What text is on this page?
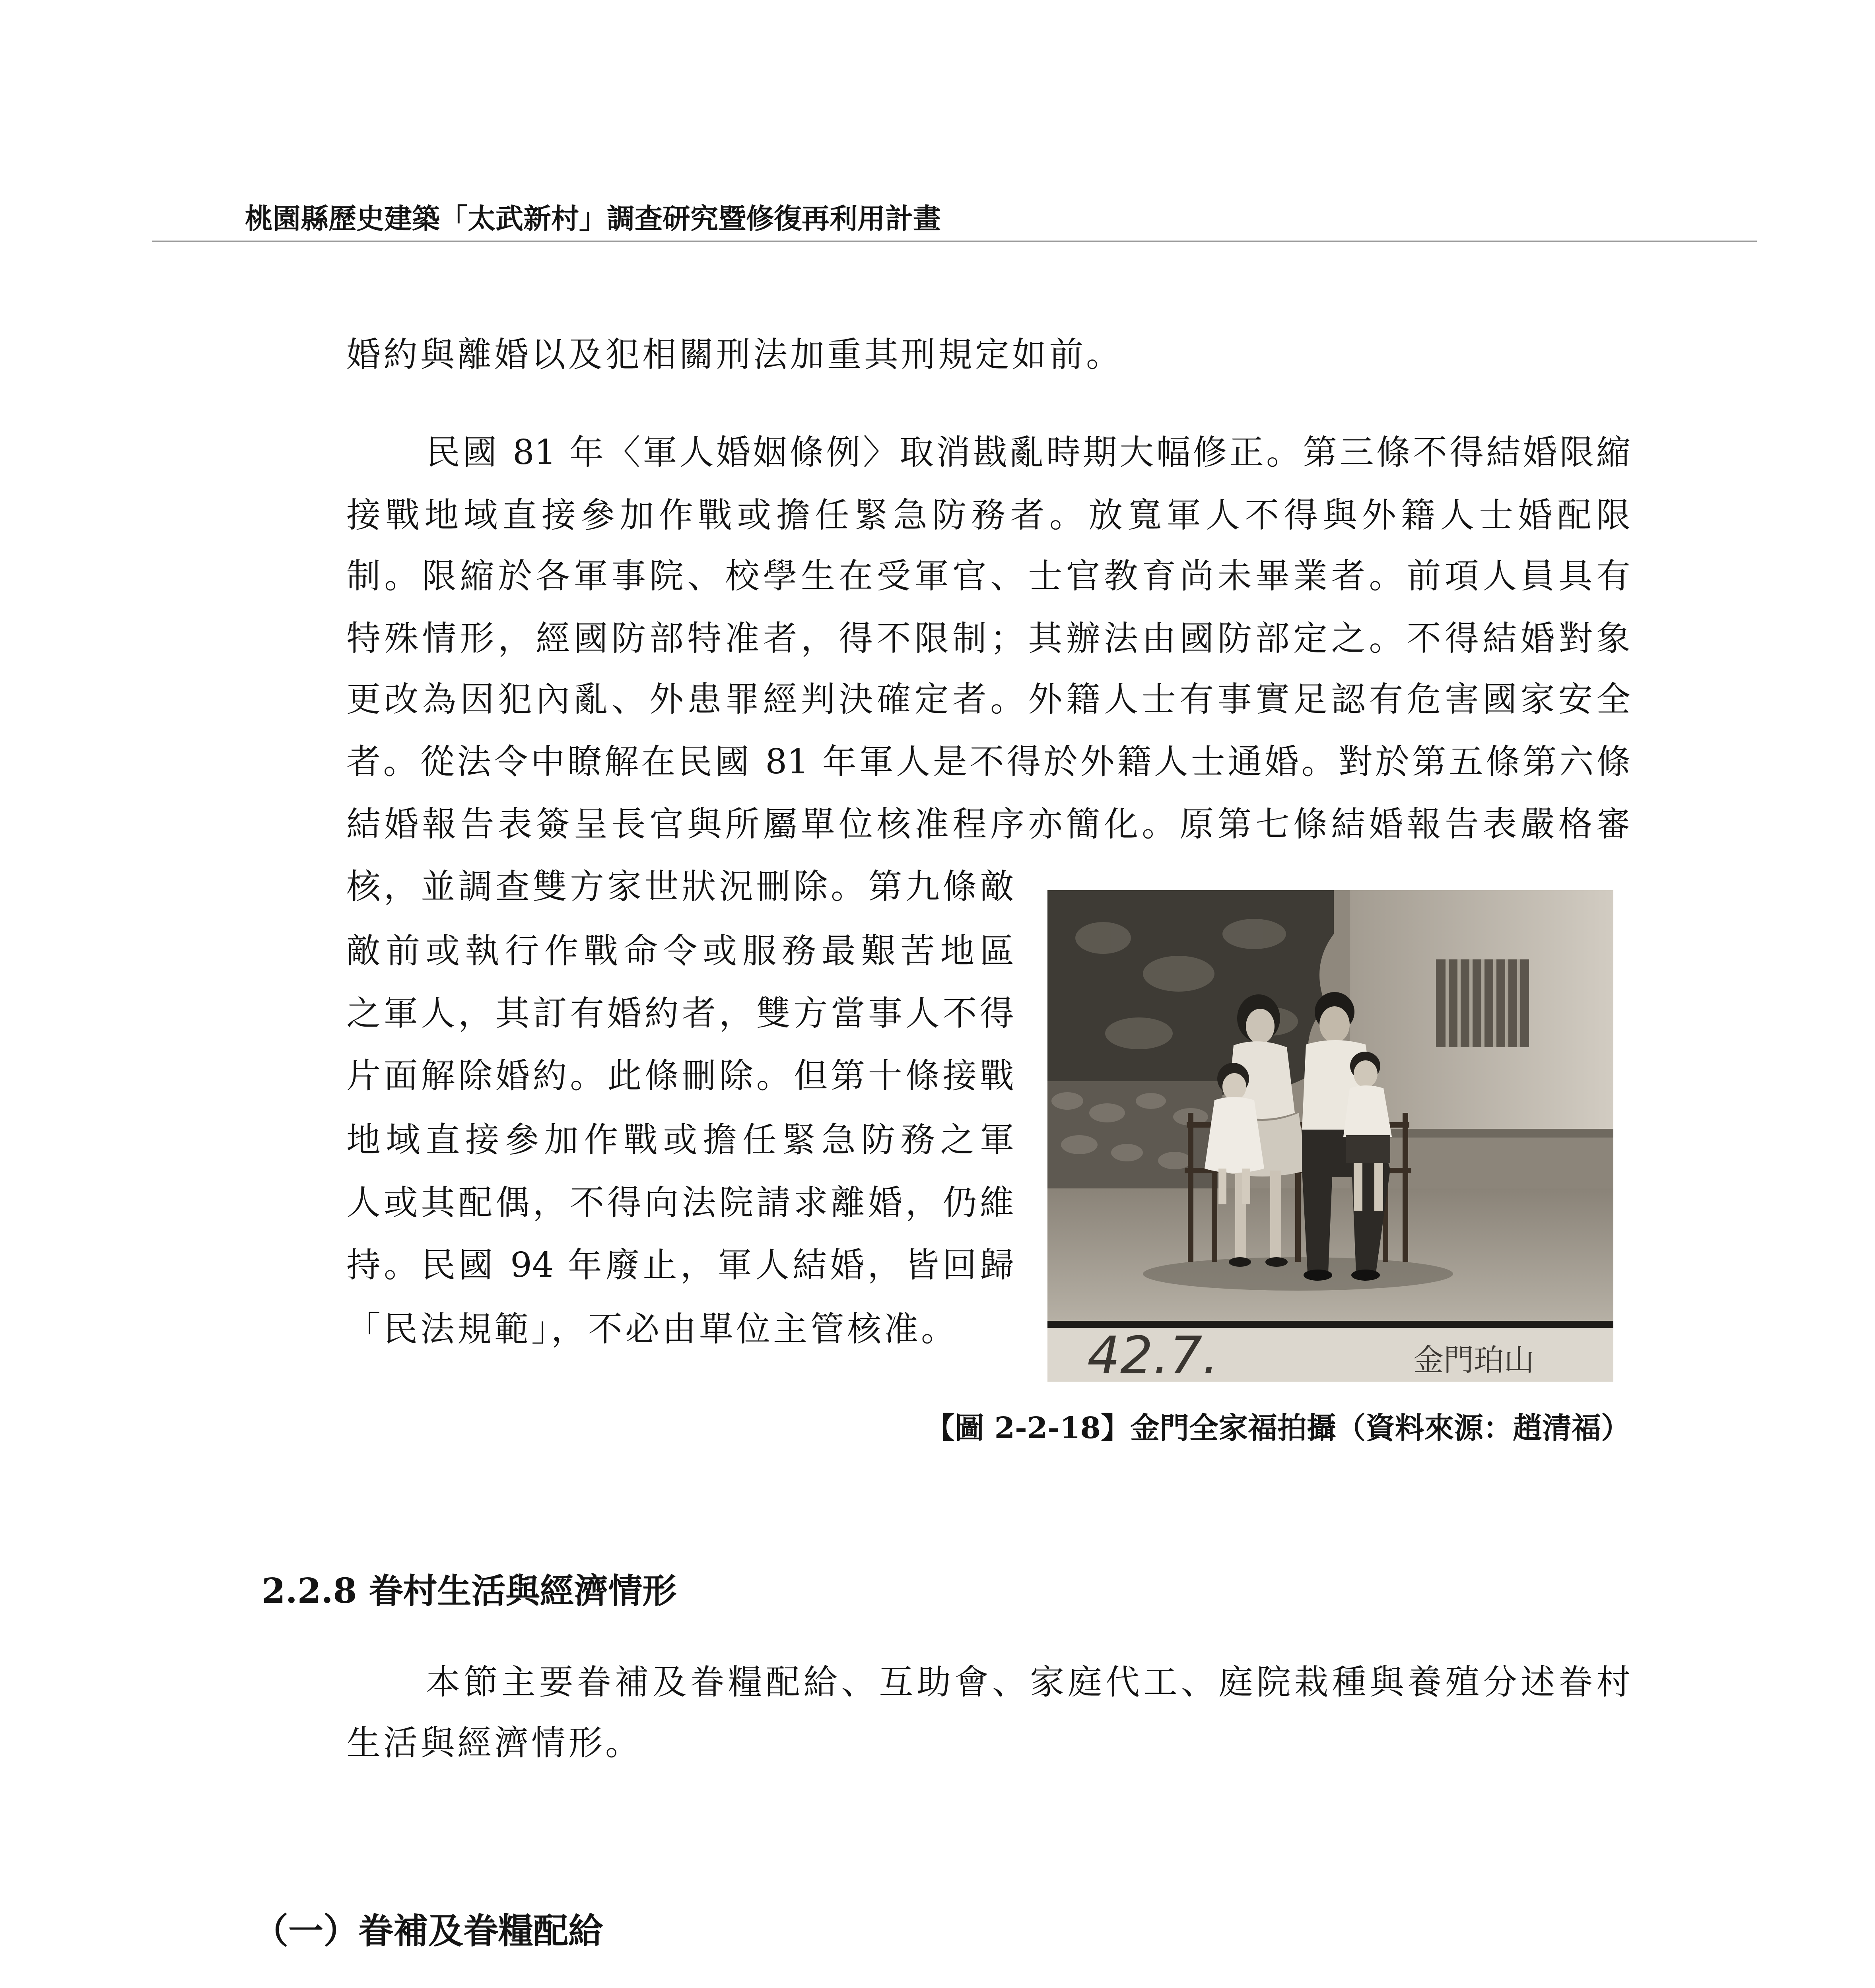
桃園縣歷史建築「太武新村」調查研究暨修復再利用計畫
婚約與離婚以及犯相關刑法加重其刑規定如前。
民國 81 年〈軍人婚姻條例〉取消戡亂時期大幅修正。第三條不得結婚限縮
接戰地域直接參加作戰或擔任緊急防務者。放寬軍人不得與外籍人士婚配限
制。限縮於各軍事院、校學生在受軍官、士官教育尚未畢業者。前項人員具有
特殊情形，經國防部特准者，得不限制；其辦法由國防部定之。不得結婚對象
更改為因犯內亂、外患罪經判決確定者。外籍人士有事實足認有危害國家安全
者。從法令中瞭解在民國 81 年軍人是不得於外籍人士通婚。對於第五條第六條
結婚報告表簽呈長官與所屬單位核准程序亦簡化。原第七條結婚報告表嚴格審
核，並調查雙方家世狀況刪除。第九條敵
敵前或執行作戰命令或服務最艱苦地區
之軍人，其訂有婚約者，雙方當事人不得
片面解除婚約。此條刪除。但第十條接戰
地域直接參加作戰或擔任緊急防務之軍
人或其配偶，不得向法院請求離婚，仍維
持。民國 94 年廢止，軍人結婚，皆回歸
「民法規範」，不必由單位主管核准。	42.7.	金門珀山
【圖 2-2-18】金門全家福拍攝（資料來源：趙清福）
2.2.8 眷村生活與經濟情形
本節主要眷補及眷糧配給、互助會、家庭代工、庭院栽種與養殖分述眷村
生活與經濟情形。
（一）眷補及眷糧配給
